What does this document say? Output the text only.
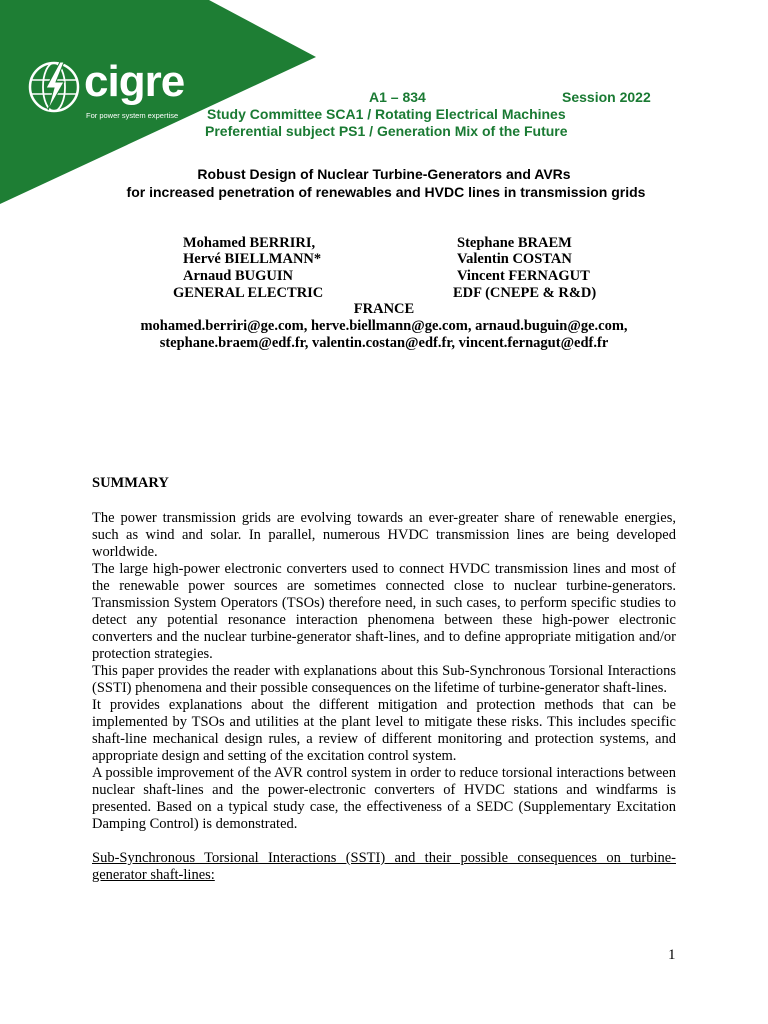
cigre
For power system expertise
A1 – 834	Session 2022
Study Committee SCA1 / Rotating Electrical Machines
Preferential subject PS1 / Generation Mix of the Future
Robust Design of Nuclear Turbine-Generators and AVRs
for increased penetration of renewables and HVDC lines in transmission grids
Mohamed BERRIRI,
Hervé BIELLMANN*
Arnaud BUGUIN
GENERAL ELECTRIC
Stephane BRAEM
Valentin COSTAN
Vincent FERNAGUT
EDF (CNEPE & R&D)
FRANCE
mohamed.berriri@ge.com, herve.biellmann@ge.com, arnaud.buguin@ge.com,
stephane.braem@edf.fr, valentin.costan@edf.fr, vincent.fernagut@edf.fr
SUMMARY

The power transmission grids are evolving towards an ever-greater share of renewable energies, such as wind and solar. In parallel, numerous HVDC transmission lines are being developed worldwide.

The large high-power electronic converters used to connect HVDC transmission lines and most of the renewable power sources are sometimes connected close to nuclear turbine-generators. Transmission System Operators (TSOs) therefore need, in such cases, to perform specific studies to detect any potential resonance interaction phenomena between these high-power electronic converters and the nuclear turbine-generator shaft-lines, and to define appropriate mitigation and/or protection strategies.

This paper provides the reader with explanations about this Sub-Synchronous Torsional Interactions (SSTI) phenomena and their possible consequences on the lifetime of turbine-generator shaft-lines.

It provides explanations about the different mitigation and protection methods that can be implemented by TSOs and utilities at the plant level to mitigate these risks. This includes specific shaft-line mechanical design rules, a review of different monitoring and protection systems, and appropriate design and setting of the excitation control system.

A possible improvement of the AVR control system in order to reduce torsional interactions between nuclear shaft-lines and the power-electronic converters of HVDC stations and windfarms is presented. Based on a typical study case, the effectiveness of a SEDC (Supplementary Excitation Damping Control) is demonstrated.

Sub-Synchronous Torsional Interactions (SSTI) and their possible consequences on turbine-generator shaft-lines:

1
